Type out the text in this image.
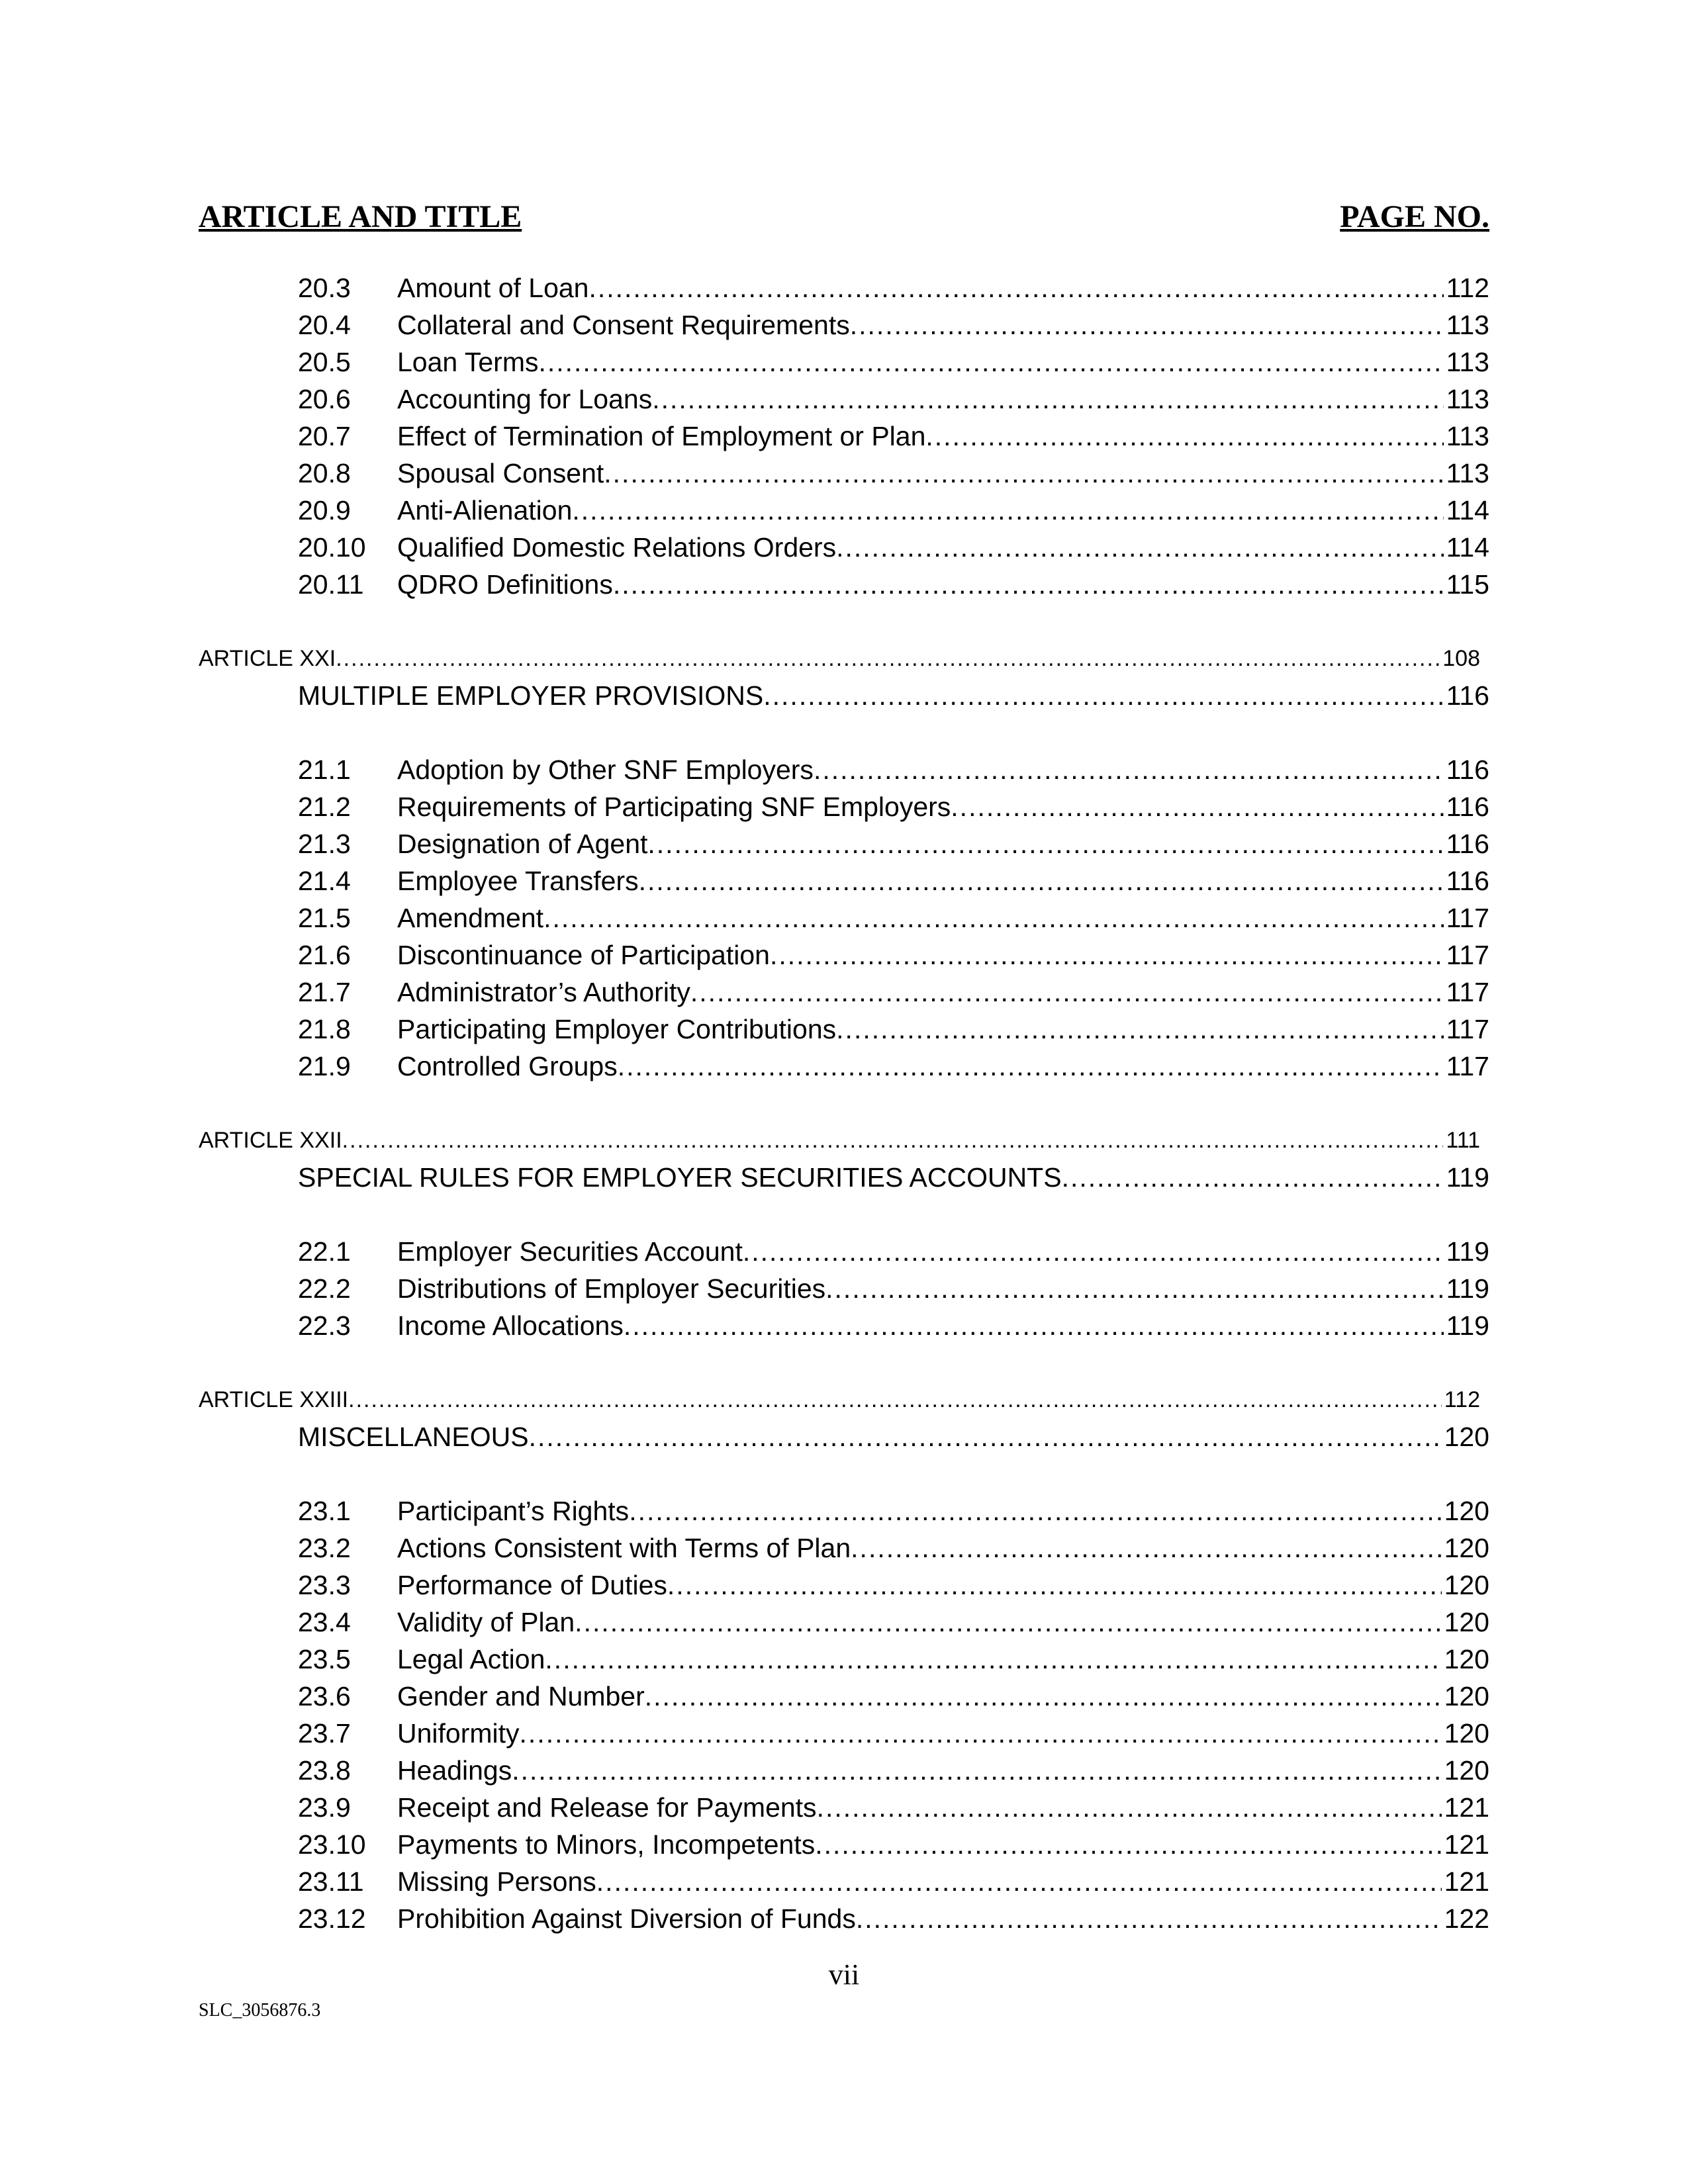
ARTICLE AND TITLE	PAGE NO.
20.3	Amount of Loan .....	112
20.4	Collateral and Consent Requirements .....	113
20.5	Loan Terms .....	113
20.6	Accounting for Loans .....	113
20.7	Effect of Termination of Employment or Plan .....	113
20.8	Spousal Consent .....	113
20.9	Anti-Alienation .....	114
20.10	Qualified Domestic Relations Orders .....	114
20.11	QDRO Definitions .....	115
ARTICLE XXI .....	108
MULTIPLE EMPLOYER PROVISIONS .....	116
21.1	Adoption by Other SNF Employers .....	116
21.2	Requirements of Participating SNF Employers .....	116
21.3	Designation of Agent .....	116
21.4	Employee Transfers .....	116
21.5	Amendment .....	117
21.6	Discontinuance of Participation .....	117
21.7	Administrator’s Authority .....	117
21.8	Participating Employer Contributions .....	117
21.9	Controlled Groups .....	117
ARTICLE XXII .....	111
SPECIAL RULES FOR EMPLOYER SECURITIES ACCOUNTS .....	119
22.1	Employer Securities Account .....	119
22.2	Distributions of Employer Securities .....	119
22.3	Income Allocations .....	119
ARTICLE XXIII .....	112
MISCELLANEOUS .....	120
23.1	Participant’s Rights .....	120
23.2	Actions Consistent with Terms of Plan .....	120
23.3	Performance of Duties .....	120
23.4	Validity of Plan .....	120
23.5	Legal Action .....	120
23.6	Gender and Number .....	120
23.7	Uniformity .....	120
23.8	Headings .....	120
23.9	Receipt and Release for Payments .....	121
23.10	Payments to Minors, Incompetents .....	121
23.11	Missing Persons .....	121
23.12	Prohibition Against Diversion of Funds .....	122
vii
SLC_3056876.3
